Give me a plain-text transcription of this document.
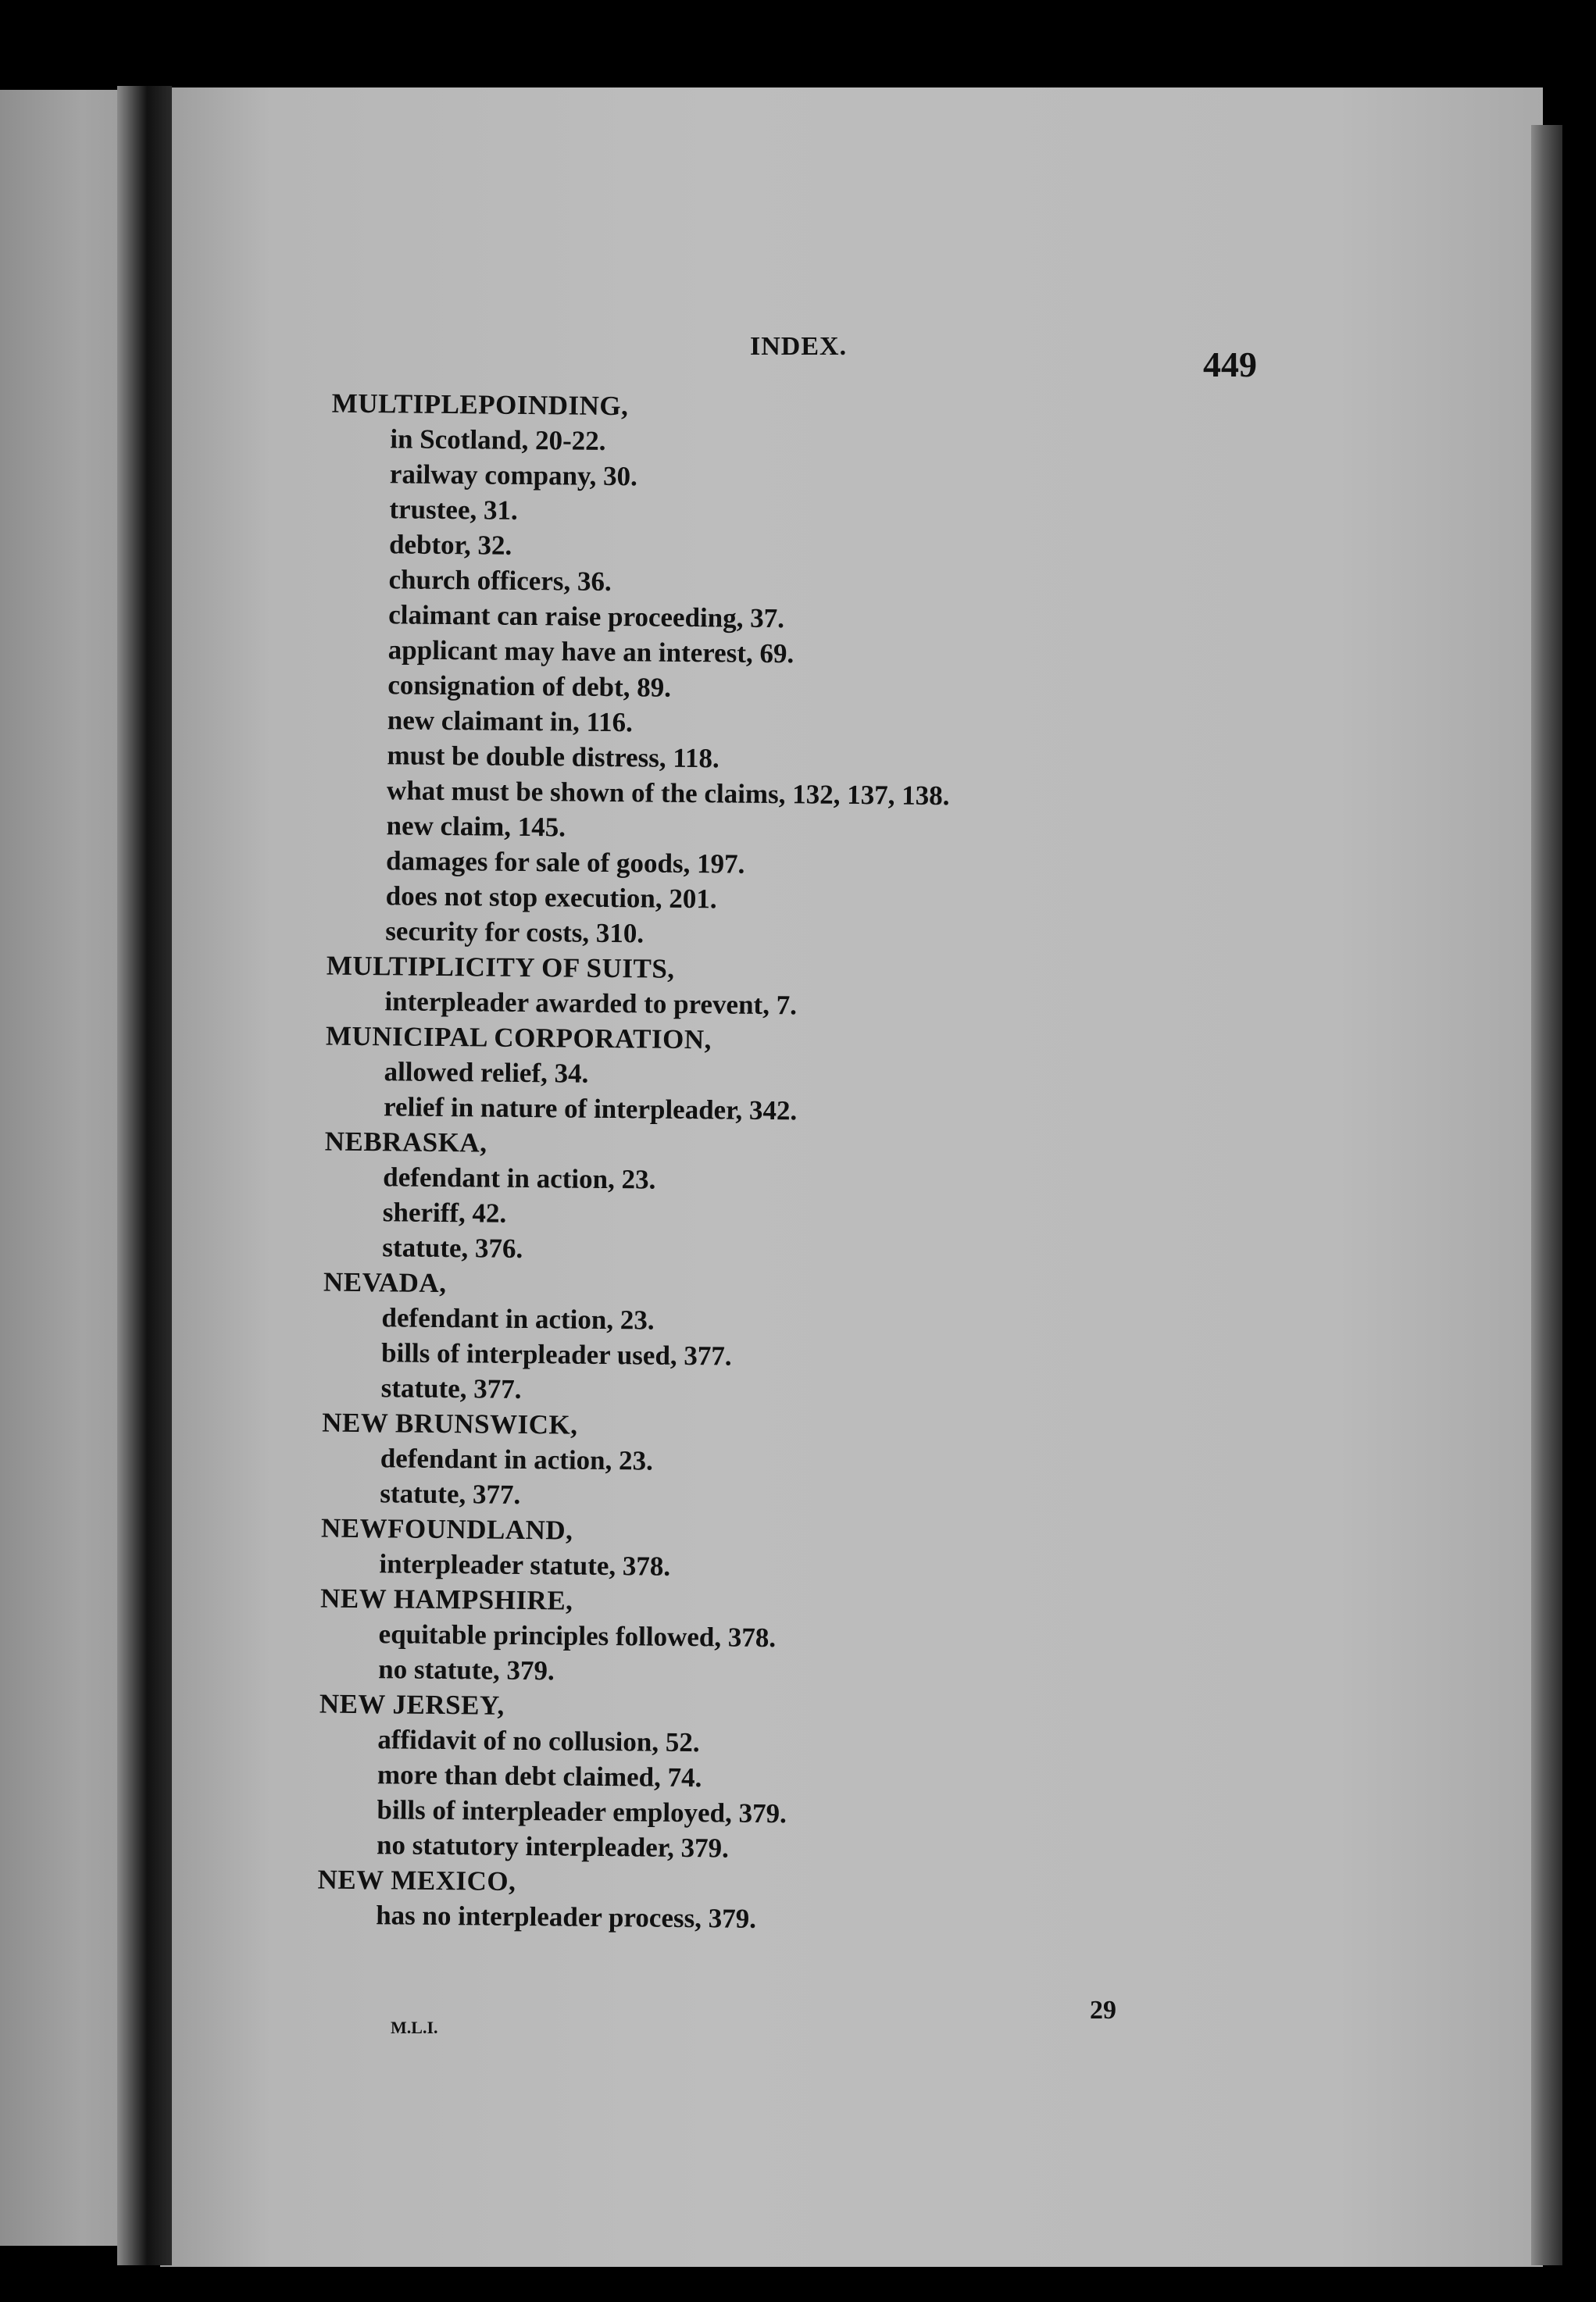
INDEX.	449
MULTIPLEPOINDING,
in Scotland, 20-22.
railway company, 30.
trustee, 31.
debtor, 32.
church officers, 36.
claimant can raise proceeding, 37.
applicant may have an interest, 69.
consignation of debt, 89.
new claimant in, 116.
must be double distress, 118.
what must be shown of the claims, 132, 137, 138.
new claim, 145.
damages for sale of goods, 197.
does not stop execution, 201.
security for costs, 310.
MULTIPLICITY OF SUITS,
interpleader awarded to prevent, 7.
MUNICIPAL CORPORATION,
allowed relief, 34.
relief in nature of interpleader, 342.
NEBRASKA,
defendant in action, 23.
sheriff, 42.
statute, 376.
NEVADA,
defendant in action, 23.
bills of interpleader used, 377.
statute, 377.
NEW BRUNSWICK,
defendant in action, 23.
statute, 377.
NEWFOUNDLAND,
interpleader statute, 378.
NEW HAMPSHIRE,
equitable principles followed, 378.
no statute, 379.
NEW JERSEY,
affidavit of no collusion, 52.
more than debt claimed, 74.
bills of interpleader employed, 379.
no statutory interpleader, 379.
NEW MEXICO,
has no interpleader process, 379.
M.L.I.
29
